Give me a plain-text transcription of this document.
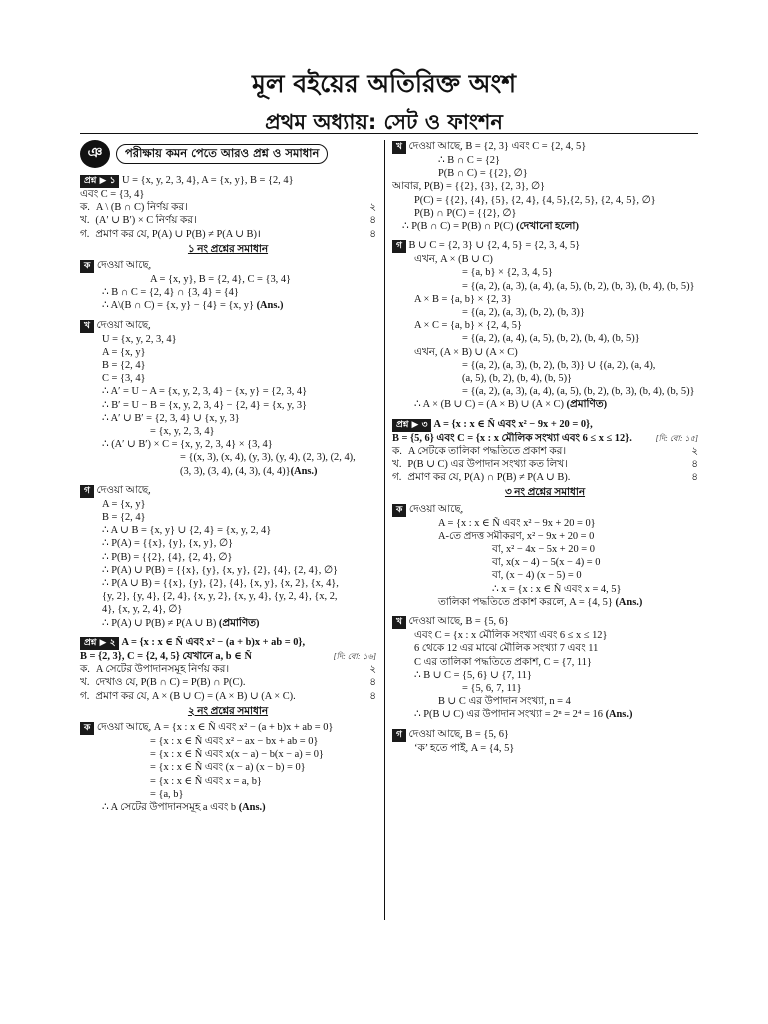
মূল বইয়ের অতিরিক্ত অংশ
প্রথম অধ্যায়: সেট ও ফাংশন
ঞ	পরীক্ষায় কমন পেতে আরও প্রশ্ন ও সমাধান
প্রশ্ন ▶ ১ U = {x, y, 2, 3, 4}, A = {x, y}, B = {2, 4}
এবং C = {3, 4}
ক. A \ (B ∩ C) নির্ণয় কর।	২
খ. (A′ ∪ B′) × C নির্ণয় কর।	৪
গ. প্রমাণ কর যে, P(A) ∪ P(B) ≠ P(A ∪ B)।	৪
১ নং প্রশ্নের সমাধান
ক দেওয়া আছে,
A = {x, y}, B = {2, 4}, C = {3, 4}
∴ B ∩ C = {2, 4} ∩ {3, 4} = {4}
∴ A\(B ∩ C) = {x, y} − {4} = {x, y} (Ans.)
খ দেওয়া আছে,
U = {x, y, 2, 3, 4}
A = {x, y}
B = {2, 4}
C = {3, 4}
∴ A′ = U − A = {x, y, 2, 3, 4} − {x, y} = {2, 3, 4}
∴ B′ = U − B = {x, y, 2, 3, 4} − {2, 4} = {x, y, 3}
∴ A′ ∪ B′ = {2, 3, 4} ∪ {x, y, 3}
= {x, y, 2, 3, 4}
∴ (A′ ∪ B′) × C = {x, y, 2, 3, 4} × {3, 4}
= {(x, 3), (x, 4), (y, 3), (y, 4), (2, 3), (2, 4),
(3, 3), (3, 4), (4, 3), (4, 4)}(Ans.)
গ দেওয়া আছে,
A = {x, y}
B = {2, 4}
∴ A ∪ B = {x, y} ∪ {2, 4} = {x, y, 2, 4}
∴ P(A) = {{x}, {y}, {x, y}, ∅}
∴ P(B) = {{2}, {4}, {2, 4}, ∅}
∴ P(A) ∪ P(B) = {{x}, {y}, {x, y}, {2}, {4}, {2, 4}, ∅}
∴ P(A ∪ B) = {{x}, {y}, {2}, {4}, {x, y}, {x, 2}, {x, 4},
{y, 2}, {y, 4}, {2, 4}, {x, y, 2}, {x, y, 4}, {y, 2, 4}, {x, 2,
4}, {x, y, 2, 4}, ∅}
∴ P(A) ∪ P(B) ≠ P(A ∪ B) (প্রমাণিত)
প্রশ্ন ▶ ২ A = {x : x ∈ Ñ এবং x² − (a + b)x + ab = 0},
B = {2, 3}, C = {2, 4, 5} যেখানে a, b ∈ Ñ	[দি: বো: ১৬]
ক. A সেটের উপাদানসমূহ নির্ণয় কর।	২
খ. দেখাও যে, P(B ∩ C) = P(B) ∩ P(C).	৪
গ. প্রমাণ কর যে, A × (B ∪ C) = (A × B) ∪ (A × C).	৪
২ নং প্রশ্নের সমাধান
ক দেওয়া আছে, A = {x : x ∈ Ñ এবং x² − (a + b)x + ab = 0}
= {x : x ∈ Ñ এবং x² − ax − bx + ab = 0}
= {x : x ∈ Ñ এবং x(x − a) − b(x − a) = 0}
= {x : x ∈ Ñ এবং (x − a) (x − b) = 0}
= {x : x ∈ Ñ এবং x = a, b}
= {a, b}
∴ A সেটের উপাদানসমূহ a এবং b (Ans.)
খ দেওয়া আছে, B = {2, 3} এবং C = {2, 4, 5}
∴ B ∩ C = {2}
P(B ∩ C) = {{2}, ∅}
আবার, P(B) = {{2}, {3}, {2, 3}, ∅}
P(C) = {{2}, {4}, {5}, {2, 4}, {4, 5},{2, 5}, {2, 4, 5}, ∅}
P(B) ∩ P(C) = {{2}, ∅}
∴ P(B ∩ C) = P(B) ∩ P(C) (দেখানো হলো)
গ B ∪ C = {2, 3} ∪ {2, 4, 5} = {2, 3, 4, 5}
এখন, A × (B ∪ C)
= {a, b} × {2, 3, 4, 5}
= {(a, 2), (a, 3), (a, 4), (a, 5), (b, 2), (b, 3), (b, 4), (b, 5)}
A × B = {a, b} × {2, 3}
= {(a, 2), (a, 3), (b, 2), (b, 3)}
A × C = {a, b} × {2, 4, 5}
= {(a, 2), (a, 4), (a, 5), (b, 2), (b, 4), (b, 5)}
এখন, (A × B) ∪ (A × C)
= {(a, 2), (a, 3), (b, 2), (b, 3)} ∪ {(a, 2), (a, 4),
(a, 5), (b, 2), (b, 4), (b, 5)}
= {(a, 2), (a, 3), (a, 4), (a, 5), (b, 2), (b, 3), (b, 4), (b, 5)}
∴ A × (B ∪ C) = (A × B) ∪ (A × C) (প্রমাণিত)
প্রশ্ন ▶ ৩ A = {x : x ∈ Ñ এবং x² − 9x + 20 = 0},
B = {5, 6} এবং C = {x : x মৌলিক সংখ্যা এবং 6 ≤ x ≤ 12}.	[দি: বো: ১৫]
ক. A সেটকে তালিকা পদ্ধতিতে প্রকাশ কর।	২
খ. P(B ∪ C) এর উপাদান সংখ্যা কত লিখ।	৪
গ. প্রমাণ কর যে, P(A) ∩ P(B) ≠ P(A ∪ B).	৪
৩ নং প্রশ্নের সমাধান
ক দেওয়া আছে,
A = {x : x ∈ Ñ এবং x² − 9x + 20 = 0}
A-তে প্রদত্ত সমীকরণ, x² − 9x + 20 = 0
বা, x² − 4x − 5x + 20 = 0
বা, x(x − 4) − 5(x − 4) = 0
বা, (x − 4) (x − 5) = 0
∴ x = {x : x ∈ Ñ এবং x = 4, 5}
তালিকা পদ্ধতিতে প্রকাশ করলে, A = {4, 5} (Ans.)
খ দেওয়া আছে, B = {5, 6}
এবং C = {x : x মৌলিক সংখ্যা এবং 6 ≤ x ≤ 12}
6 থেকে 12 এর মাঝে মৌলিক সংখ্যা 7 এবং 11
C এর তালিকা পদ্ধতিতে প্রকাশ, C = {7, 11}
∴ B ∪ C = {5, 6} ∪ {7, 11}
= {5, 6, 7, 11}
B ∪ C এর উপাদান সংখ্যা, n = 4
∴ P(B ∪ C) এর উপাদান সংখ্যা = 2ⁿ = 2⁴ = 16 (Ans.)
গ দেওয়া আছে, B = {5, 6}
‘ক’ হতে পাই, A = {4, 5}
